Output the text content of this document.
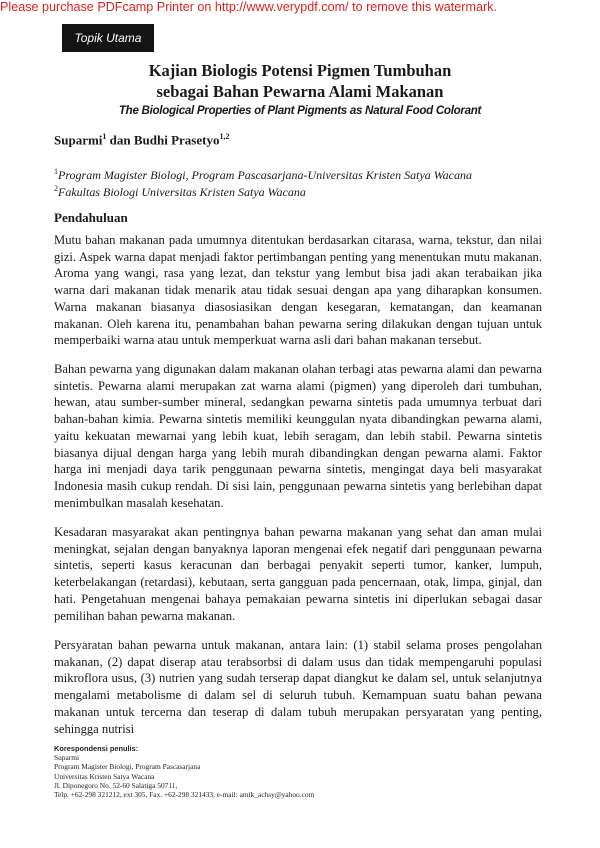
Please purchase PDFcamp Printer on http://www.verypdf.com/ to remove this watermark.
Topik Utama
Kajian Biologis Potensi Pigmen Tumbuhan
sebagai Bahan Pewarna Alami Makanan
The Biological Properties of Plant Pigments as Natural Food Colorant
Suparmi$^1$ dan Budhi Prasetyo$^{1,2}$
$^1$Program Magister Biologi, Program Pascasarjana-Universitas Kristen Satya Wacana
$^2$Fakultas Biologi Universitas Kristen Satya Wacana
Pendahuluan

Mutu bahan makanan pada umumnya ditentukan berdasarkan citarasa, warna, tekstur, dan nilai gizi. Aspek warna dapat menjadi faktor pertimbangan penting yang menentukan mutu makanan. Aroma yang wangi, rasa yang lezat, dan tekstur yang lembut bisa jadi akan terabaikan jika warna dari makanan tidak menarik atau tidak sesuai dengan apa yang diharapkan konsumen. Warna makanan biasanya diasosiasikan dengan kesegaran, kematangan, dan keamanan makanan. Oleh karena itu, penambahan bahan pewarna sering dilakukan dengan tujuan untuk memperbaiki warna atau untuk memperkuat warna asli dari bahan makanan tersebut.

Bahan pewarna yang digunakan dalam makanan olahan terbagi atas pewarna alami dan pewarna sintetis. Pewarna alami merupakan zat warna alami (pigmen) yang diperoleh dari tumbuhan, hewan, atau sumber-sumber mineral, sedangkan pewarna sintetis pada umumnya terbuat dari bahan-bahan kimia. Pewarna sintetis memiliki keunggulan nyata dibandingkan pewarna alami, yaitu kekuatan mewarnai yang lebih kuat, lebih seragam, dan lebih stabil. Pewarna sintetis biasanya dijual dengan harga yang lebih murah dibandingkan dengan pewarna alami. Faktor harga ini menjadi daya tarik penggunaan pewarna sintetis, mengingat daya beli masyarakat Indonesia masih cukup rendah. Di sisi lain, penggunaan pewarna sintetis yang berlebihan dapat menimbulkan masalah kesehatan.

Kesadaran masyarakat akan pentingnya bahan pewarna makanan yang sehat dan aman mulai meningkat, sejalan dengan banyaknya laporan mengenai efek negatif dari penggunaan pewarna sintetis, seperti kasus keracunan dan berbagai penyakit seperti tumor, kanker, lumpuh, keterbelakangan (retardasi), kebutaan, serta gangguan pada pencernaan, otak, limpa, ginjal, dan hati. Pengetahuan mengenai bahaya pemakaian pewarna sintetis ini diperlukan sebagai dasar pemilihan bahan pewarna makanan.

Persyaratan bahan pewarna untuk makanan, antara lain: (1) stabil selama proses pengolahan makanan, (2) dapat diserap atau terabsorbsi di dalam usus dan tidak mempengaruhi populasi mikroflora usus, (3) nutrien yang sudah terserap dapat diangkut ke dalam sel, untuk selanjutnya mengalami metabolisme di dalam sel di seluruh tubuh. Kemampuan suatu bahan pewana makanan untuk tercerna dan teserap di dalam tubuh merupakan persyaratan yang penting, sehingga nutrisi

Korespondensi penulis:
Suparmi
Program Magister Biologi, Program Pascasarjana
Universitas Kristen Satya Wacana
Jl. Diponegoro No. 52-60 Salatiga 50711,
Telp. +62-298 321212, ext 305, Fax. +62-298 321433, e-mail: amik_achsy@yahoo.com
